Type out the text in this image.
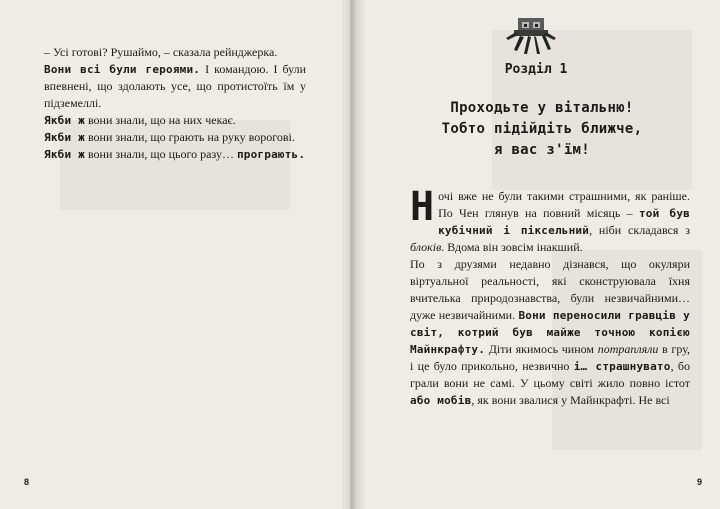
– Усі готові? Рушаймо, – сказала рейнджерка.

Вони всі були героями. І командою. І були впевнені, що здолають усе, що протистоїть їм у підземеллі.

Якби ж вони знали, що на них чекає.

Якби ж вони знали, що грають на руку ворогові.

Якби ж вони знали, що цього разу… програють.

8
Розділ 1
Проходьте у вітальню!
Тобто підійдіть ближче,
я вас з'їм!

Ночі вже не були такими страшними, як раніше. По Чен глянув на повний місяць – той був кубічний і піксельний, ніби складався з блоків. Вдома він зовсім інакший.

По з друзями недавно дізнався, що окуляри віртуальної реальності, які сконструювала їхня вчителька природознавства, були незвичайними… дуже незвичайними. Вони переносили гравців у світ, котрий був майже точною копією Майнкрафту. Діти якимось чином потрапляли в гру, і це було прикольно, незвично і… страшнувато, бо грали вони не самі. У цьому світі жило повно істот або мобів, як вони звалися у Майнкрафті. Не всі

9
